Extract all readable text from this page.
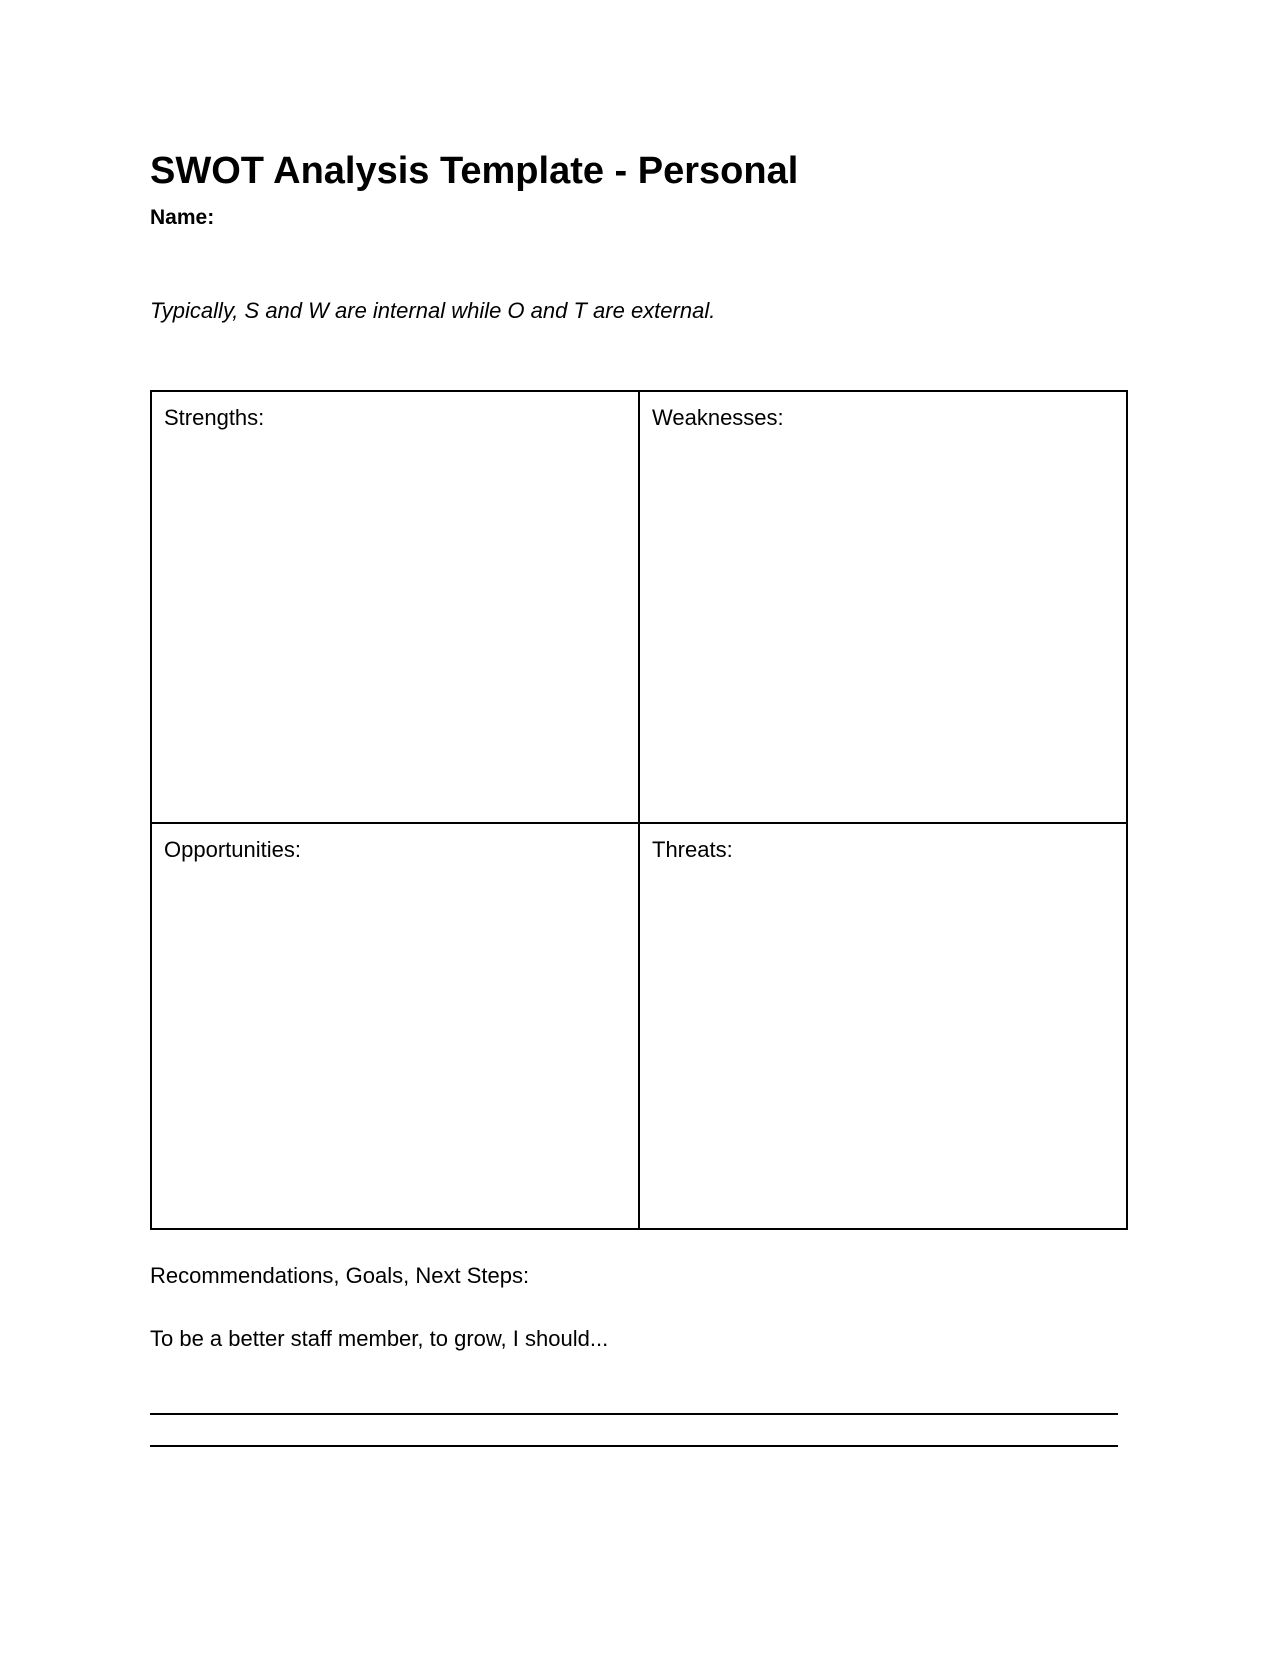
SWOT Analysis Template - Personal
Name:
Typically, S and W are internal while O and T are external.
Strengths:	Weaknesses:
Opportunities:	Threats:
Recommendations, Goals, Next Steps:
To be a better staff member, to grow, I should...
